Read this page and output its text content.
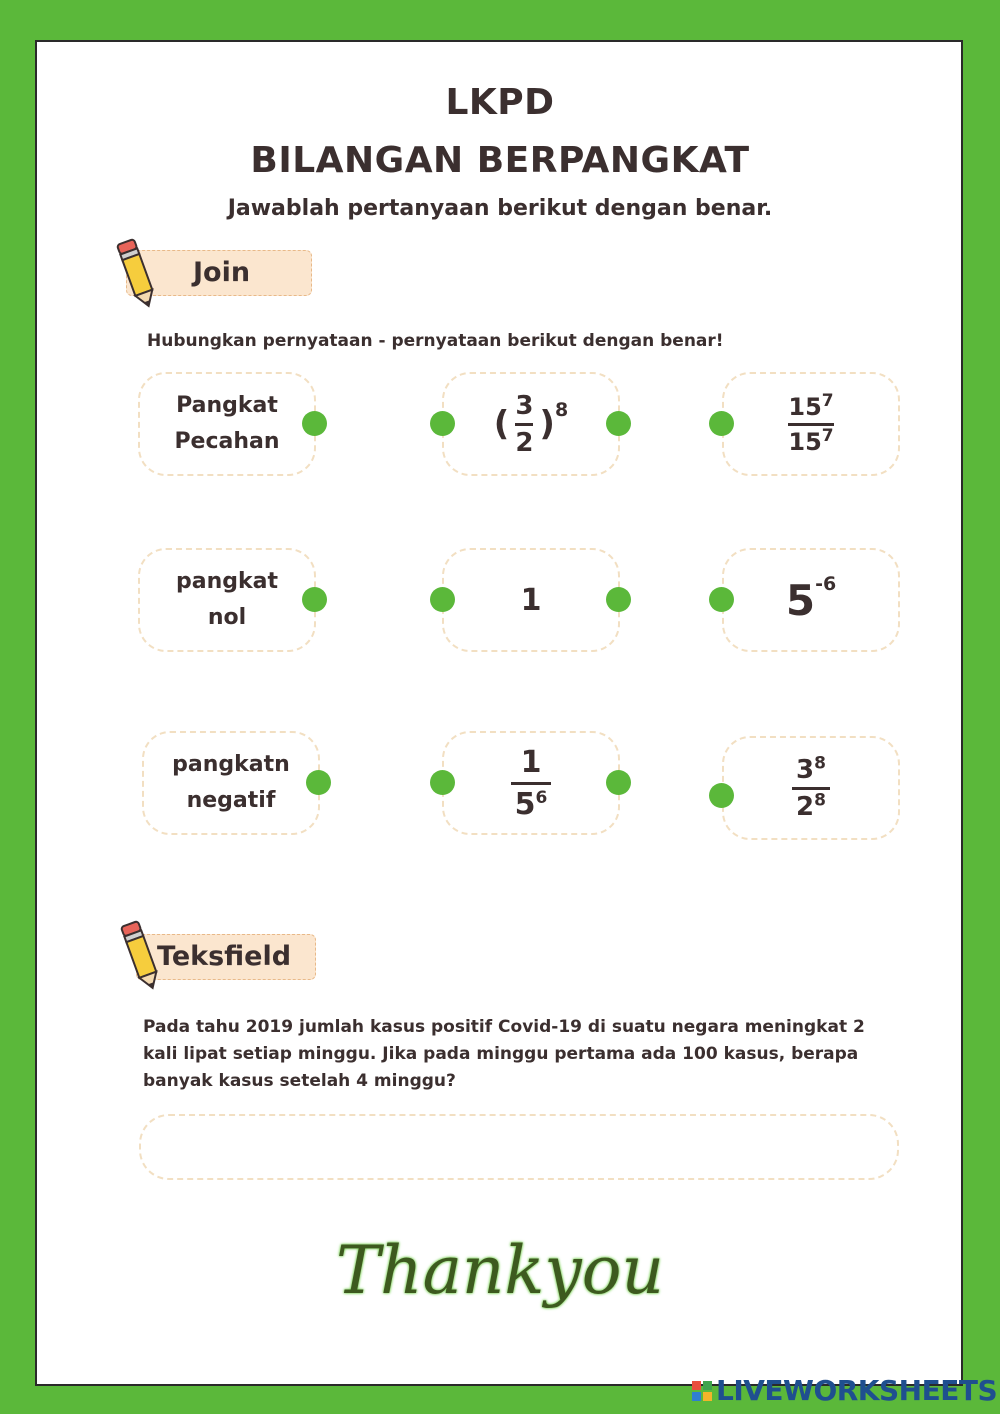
LKPD
BILANGAN BERPANGKAT
Jawablah pertanyaan berikut dengan benar.
Join
Hubungkan pernyataan - pernyataan berikut dengan benar!
Pangkat
Pecahan	( $\frac{3}{2} )^8$	$\frac{15^7}{15^7}$
pangkat
nol	1	$5^{-6}$
pangkatn
negatif	$\frac{1}{5^6}$	$\frac{3^8}{2^8}$
Teksfield
Pada tahu 2019 jumlah kasus positif Covid-19 di suatu negara meningkat 2 kali lipat setiap minggu. Jika pada minggu pertama ada 100 kasus, berapa banyak kasus setelah 4 minggu?
Thankyou
LIVEWORKSHEETS
